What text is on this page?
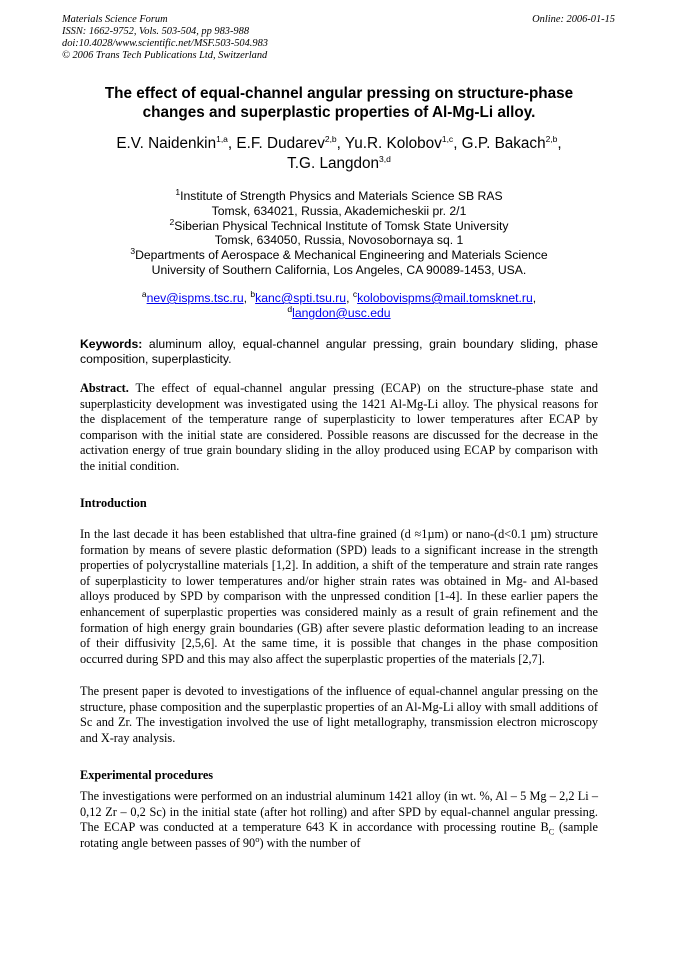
Materials Science Forum
ISSN: 1662-9752, Vols. 503-504, pp 983-988
doi:10.4028/www.scientific.net/MSF.503-504.983
© 2006 Trans Tech Publications Ltd, Switzerland
Online: 2006-01-15
The effect of equal-channel angular pressing on structure-phase changes and superplastic properties of Al-Mg-Li alloy.
E.V. Naidenkin$^{1,a}$, E.F. Dudarev$^{2,b}$, Yu.R. Kolobov$^{1,c}$, G.P. Bakach$^{2,b}$,
T.G. Langdon$^{3,d}$
$^1$Institute of Strength Physics and Materials Science SB RAS
Tomsk, 634021, Russia, Akademicheskii pr. 2/1
$^2$Siberian Physical Technical Institute of Tomsk State University
Tomsk, 634050, Russia, Novosobornaya sq. 1
$^3$Departments of Aerospace & Mechanical Engineering and Materials Science
University of Southern California, Los Angeles, CA 90089-1453, USA.
$^a$nev@ispms.tsc.ru, $^b$kanc@spti.tsu.ru, $^c$kolobovispms@mail.tomsknet.ru,
$^d$langdon@usc.edu
Keywords: aluminum alloy, equal-channel angular pressing, grain boundary sliding, phase composition, superplasticity.
Abstract. The effect of equal-channel angular pressing (ECAP) on the structure-phase state and superplasticity development was investigated using the 1421 Al-Mg-Li alloy. The physical reasons for the displacement of the temperature range of superplasticity to lower temperatures after ECAP by comparison with the initial state are considered. Possible reasons are discussed for the decrease in the activation energy of true grain boundary sliding in the alloy produced using ECAP by comparison with the initial condition.
Introduction
In the last decade it has been established that ultra-fine grained (d ≈1µm) or nano-(d<0.1 µm) structure formation by means of severe plastic deformation (SPD) leads to a significant increase in the strength properties of polycrystalline materials [1,2]. In addition, a shift of the temperature and strain rate ranges of superplasticity to lower temperatures and/or higher strain rates was obtained in Mg- and Al-based alloys produced by SPD by comparison with the unpressed condition [1-4]. In these earlier papers the enhancement of superplastic properties was considered mainly as a result of grain refinement and the formation of high energy grain boundaries (GB) after severe plastic deformation leading to an increase of their diffusivity [2,5,6]. At the same time, it is possible that changes in the phase composition occurred during SPD and this may also affect the superplastic properties of the materials [2,7].
The present paper is devoted to investigations of the influence of equal-channel angular pressing on the structure, phase composition and the superplastic properties of an Al-Mg-Li alloy with small additions of Sc and Zr. The investigation involved the use of light metallography, transmission electron microscopy and X-ray analysis.
Experimental procedures
The investigations were performed on an industrial aluminum 1421 alloy (in wt. %, Al – 5 Mg – 2,2 Li – 0,12 Zr – 0,2 Sc) in the initial state (after hot rolling) and after SPD by equal-channel angular pressing. The ECAP was conducted at a temperature 643 K in accordance with processing routine $B_C$ (sample rotating angle between passes of 90$^o$) with the number of
